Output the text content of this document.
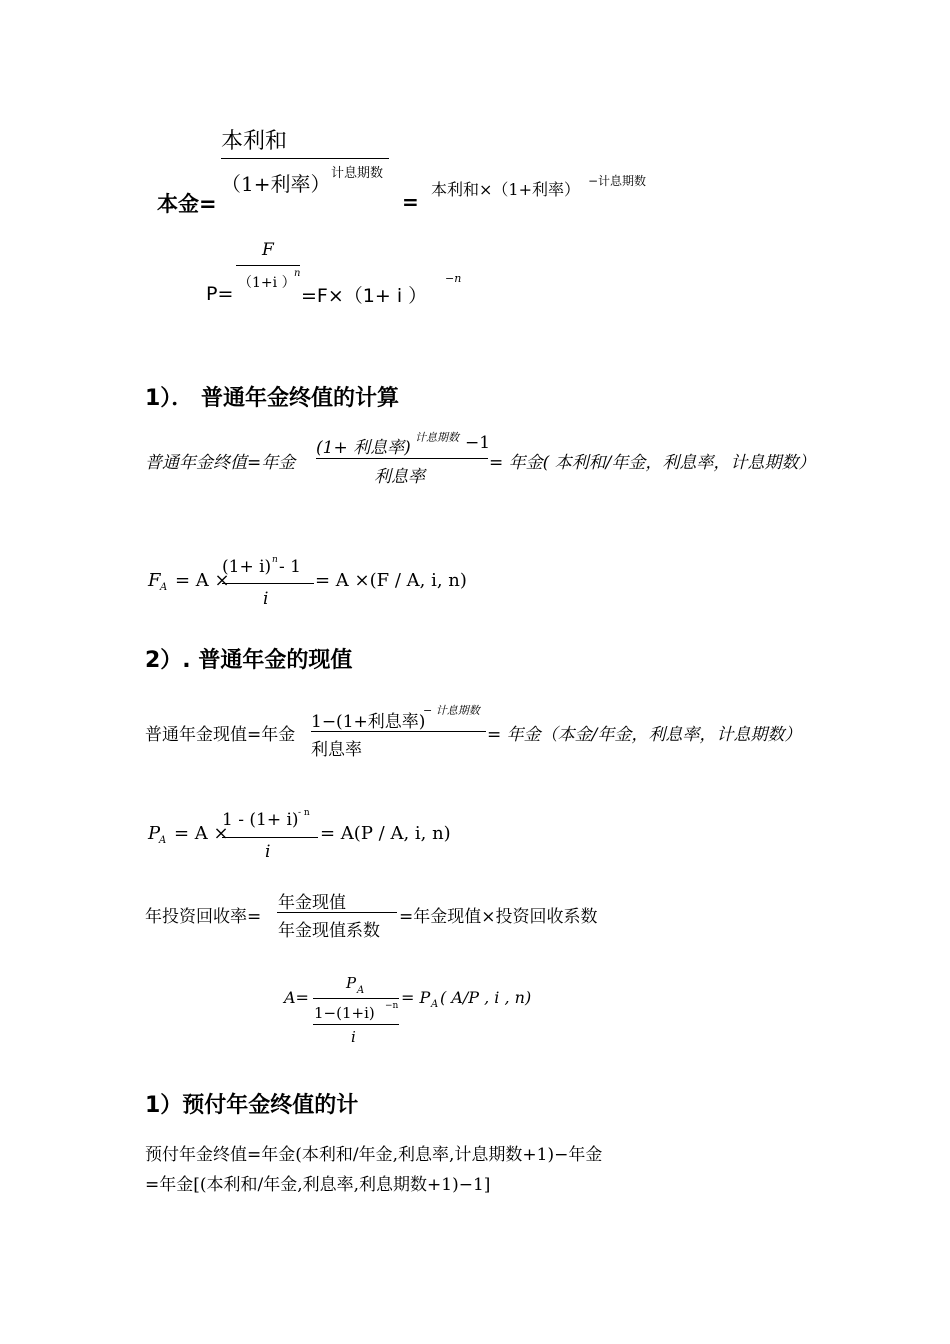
本利和
（1+利率） 计息期数
本金=	=
本利和×（1+利率） −计息期数
F
（1+i ）
n
P=	=F×（1+ i ）
−n
1）． 普通年金终值的计算
普通年金终值=年金
(1+ 利息率)
计息期数 −1
利息率
= 年金( 本利和/年金，利息率，计息期数）
F A = A ×
(1+ i) n - 1
i
= A ×(F / A, i, n)
2）. 普通年金的现值
普通年金现值=年金
1−(1+利息率)
− 计息期数
利息率
= 年金（本金/年金，利息率，计息期数）
P
A = A ×
1 - (1+ i) - n
i
= A(P / A, i, n)
年投资回收率=
年金现值
年金现值系数
=年金现值×投资回收系数
A=
P A
1−(1+i) −n
i
= P A ( A/P , i , n)
1）预付年金终值的计
预付年金终值=年金(本利和/年金,利息率,计息期数+1)−年金
=年金[(本利和/年金,利息率,利息期数+1)−1]
